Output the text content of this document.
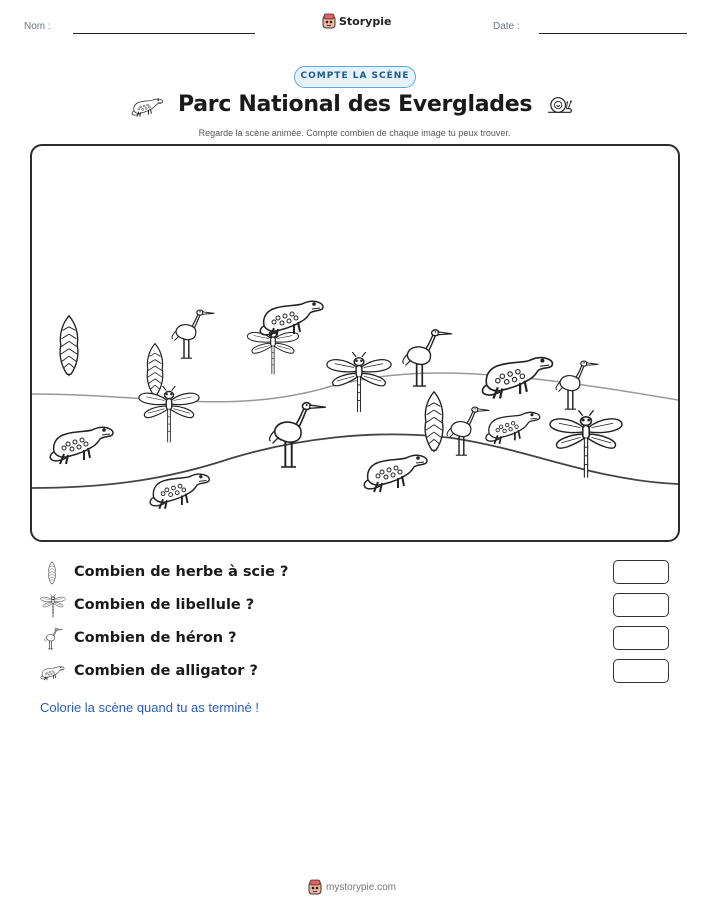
Nom :	Storypie	Date :
COMPTE LA SCÈNE
Parc National des Everglades
Regarde la scène animée. Compte combien de chaque image tu peux trouver.
Combien de herbe à scie ?
Combien de libellule ?
Combien de héron ?
Combien de alligator ?
Colorie la scène quand tu as terminé !
mystorypie.com
